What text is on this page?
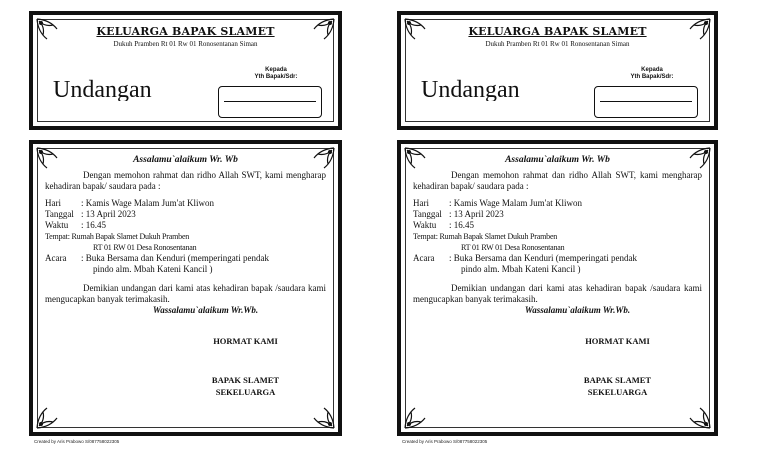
KELUARGA BAPAK SLAMET
Dukuh Pramben Rt 01 Rw 01 Ronosentanan Siman
Undangan
Kepada
Yth Bapak/Sdr:
Assalamu`alaikum Wr. Wb
Dengan memohon rahmat dan ridho Allah SWT, kami mengharap kehadiran bapak/ saudara pada :
Hari	: Kamis Wage Malam Jum'at Kliwon
Tanggal : 13 April 2023
Waktu	: 16.45
Tempat : Rumah Bapak Slamet Dukuh Pramben
RT 01 RW 01 Desa Ronosentanan
Acara	: Buka Bersama dan Kenduri (memperingati pendak
pindo alm. Mbah Kateni Kancil )
Demikian undangan dari kami atas kehadiran bapak /saudara kami mengucapkan banyak terimakasih.
Wassalamu`alaikum Wr.Wb.
HORMAT KAMI
BAPAK SLAMET
SEKELUARGA
Created by Aris Prabowo S/087758022305
KELUARGA BAPAK SLAMET
Dukuh Pramben Rt 01 Rw 01 Ronosentanan Siman
Undangan
Kepada
Yth Bapak/Sdr:
Assalamu`alaikum Wr. Wb
Dengan memohon rahmat dan ridho Allah SWT, kami mengharap kehadiran bapak/ saudara pada :
Hari	: Kamis Wage Malam Jum'at Kliwon
Tanggal : 13 April 2023
Waktu	: 16.45
Tempat : Rumah Bapak Slamet Dukuh Pramben
RT 01 RW 01 Desa Ronosentanan
Acara	: Buka Bersama dan Kenduri (memperingati pendak
pindo alm. Mbah Kateni Kancil )
Demikian undangan dari kami atas kehadiran bapak /saudara kami mengucapkan banyak terimakasih.
Wassalamu`alaikum Wr.Wb.
HORMAT KAMI
BAPAK SLAMET
SEKELUARGA
Created by Aris Prabowo S/087758022305
